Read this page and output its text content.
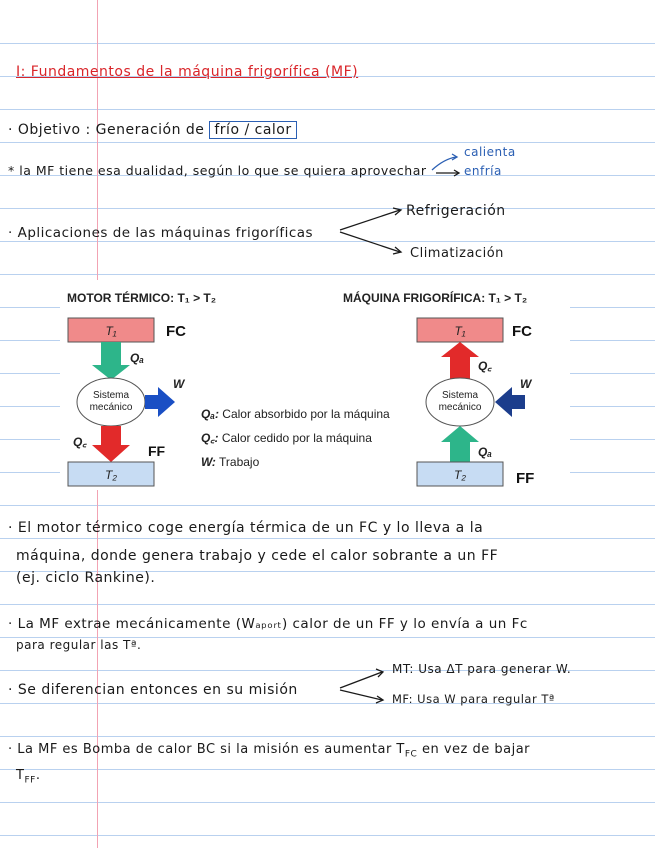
I: Fundamentos de la máquina frigorífica (MF)
· Objetivo : Generación de frío / calor
* la MF tiene esa dualidad, según lo que se quiera aprovechar
calienta
enfría
· Aplicaciones de las máquinas frigoríficas
Refrigeración
Climatización
MOTOR TÉRMICO: T₁ > T₂	MÁQUINA FRIGORÍFICA: T₁ > T₂
T₁
Qₐ
Sistema
mecánico
W
Q꜀
T₂
FC
FF
Qₐ: Calor absorbido por la máquina
Q꜀: Calor cedido por la máquina
W: Trabajo
T₁
Q꜀
Sistema
mecánico
W
Qₐ
T₂
FC
FF
· El motor térmico coge energía térmica de un FC y lo lleva a la
máquina, donde genera trabajo y cede el calor sobrante a un FF
(ej. ciclo Rankine).
· La MF extrae mecánicamente (Wₐₚₒᵣₜ) calor de un FF y lo envía a un Fc
para regular las Tª.
· Se diferencian entonces en su misión
MT: Usa ΔT para generar W.
MF: Usa W para regular Tª
· La MF es Bomba de calor BC si la misión es aumentar $T_{FC}$ en vez de bajar
$T_{FF}$.
